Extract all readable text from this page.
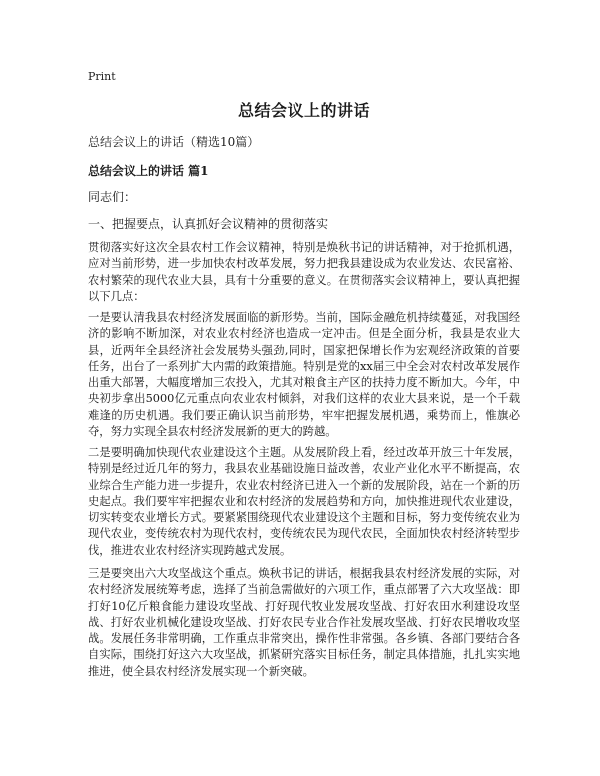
Print
总结会议上的讲话
总结会议上的讲话（精选10篇）
总结会议上的讲话 篇1
同志们：
一、把握要点，认真抓好会议精神的贯彻落实

贯彻落实好这次全县农村工作会议精神，特别是焕秋书记的讲话精神，对于抢抓机遇，应对当前形势，进一步加快农村改革发展，努力把我县建设成为农业发达、农民富裕、农村繁荣的现代农业大县，具有十分重要的意义。在贯彻落实会议精神上，要认真把握以下几点：

一是要认清我县农村经济发展面临的新形势。当前，国际金融危机持续蔓延，对我国经济的影响不断加深，对农业农村经济也造成一定冲击。但是全面分析，我县是农业大县，近两年全县经济社会发展势头强劲,同时，国家把保增长作为宏观经济政策的首要任务，出台了一系列扩大内需的政策措施。特别是党的xx届三中全会对农村改革发展作出重大部署，大幅度增加三农投入，尤其对粮食主产区的扶持力度不断加大。今年，中央初步拿出5000亿元重点向农业农村倾斜，对我们这样的农业大县来说，是一个千载难逢的历史机遇。我们要正确认识当前形势，牢牢把握发展机遇，乘势而上，惟旗必夺，努力实现全县农村经济发展新的更大的跨越。

二是要明确加快现代农业建设这个主题。从发展阶段上看，经过改革开放三十年发展，特别是经过近几年的努力，我县农业基础设施日益改善，农业产业化水平不断提高，农业综合生产能力进一步提升，农业农村经济已进入一个新的发展阶段，站在一个新的历史起点。我们要牢牢把握农业和农村经济的发展趋势和方向，加快推进现代农业建设，切实转变农业增长方式。要紧紧围绕现代农业建设这个主题和目标，努力变传统农业为现代农业，变传统农村为现代农村，变传统农民为现代农民，全面加快农村经济转型步伐，推进农业农村经济实现跨越式发展。

三是要突出六大攻坚战这个重点。焕秋书记的讲话，根据我县农村经济发展的实际，对农村经济发展统筹考虑，选择了当前急需做好的六项工作，重点部署了六大攻坚战：即打好10亿斤粮食能力建设攻坚战、打好现代牧业发展攻坚战、打好农田水利建设攻坚战、打好农业机械化建设攻坚战、打好农民专业合作社发展攻坚战、打好农民增收攻坚战。发展任务非常明确，工作重点非常突出，操作性非常强。各乡镇、各部门要结合各自实际，围绕打好这六大攻坚战，抓紧研究落实目标任务，制定具体措施，扎扎实实地推进，使全县农村经济发展实现一个新突破。
